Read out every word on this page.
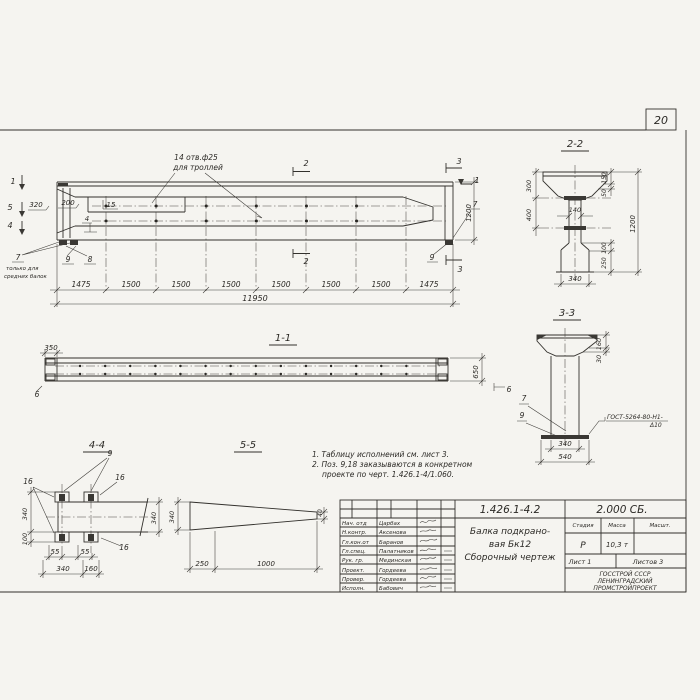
20
14 отв.ф25
для троллей
1
5
4
2
2
3
3
1
320	200	15
4
8
9
7
только для
средних балок
7
9
1200
1475	1500	1500	1500	1500	1500	1500	1475
11950
1-1
350
650
6
6
2-2
300
400
150
50
1200
100
250
140
340
3-3
160
30
340
540
7
9	ГОСТ-5264-80-Н1-
Δ10
4-4
9
16	16
16
340
100
55	55
340 160
340
5-5
340	40
250	1000
1. Таблицу исполнений см. лист 3.
2. Поз. 9,18 заказываются в конкретном
проекте по черт. 1.426.1-4/1.060.
1.426.1-4.2	2.000 СБ.
Балка подкрано-
вая Бк12
Сборочный чертеж
Стадия	Масса	Масшт.
Р	10,3 т
Лист 1	Листов 3
ГОССТРОЙ СССР
ЛЕНИНГРАДСКИЙ
ПРОМСТРОЙПРОЕКТ
Нач. отд Царбах
Н.контр. Аксенова
Гл.кон.от Баранов
Гл.спец. Палатников
Рук. гр.	Мединская
Проект.	Гордеева
Провер.	Гордеева
Исполн.	Бабович
